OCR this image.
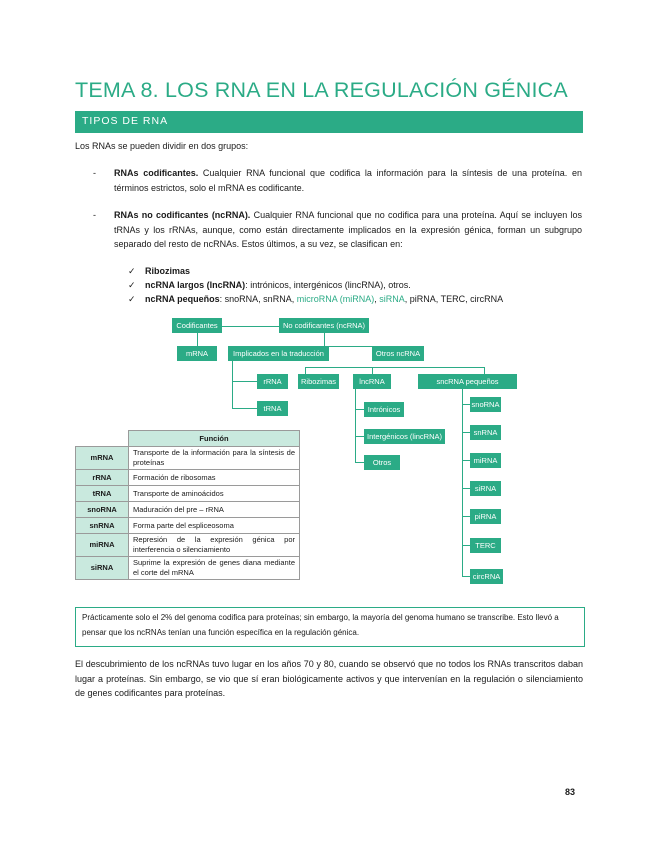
TEMA 8. LOS RNA EN LA REGULACIÓN GÉNICA
TIPOS DE RNA
Los RNAs se pueden dividir en dos grupos:
- RNAs codificantes. Cualquier RNA funcional que codifica la información para la síntesis de una proteína. en términos estrictos, solo el mRNA es codificante.
- RNAs no codificantes (ncRNA). Cualquier RNA funcional que no codifica para una proteína. Aquí se incluyen los tRNAs y los rRNAs, aunque, como están directamente implicados en la expresión génica, forman un subgrupo separado del resto de ncRNAs. Estos últimos, a su vez, se clasifican en:
✓ Ribozimas
✓ ncRNA largos (lncRNA): intrónicos, intergénicos (lincRNA), otros.
✓ ncRNA pequeños: snoRNA, snRNA, microRNA (miRNA), siRNA, piRNA, TERC, circRNA
Codificantes	No codificantes (ncRNA)
mRNA	Implicados en la traducción	Otros ncRNA
rRNA
tRNA
Ribozimas	lncRNA
Intrónicos
Intergénicos (lincRNA)
Otros
sncRNA pequeños
snoRNA
snRNA
miRNA
siRNA
piRNA
TERC
circRNA
	Función
mRNA	Transporte de la información para la síntesis de proteínas
rRNA	Formación de ribosomas
tRNA	Transporte de aminoácidos
snoRNA	Maduración del pre – rRNA
snRNA	Forma parte del espliceosoma
miRNA	Represión de la expresión génica por interferencia o silenciamiento
siRNA	Suprime la expresión de genes diana mediante el corte del mRNA
Prácticamente solo el 2% del genoma codifica para proteínas; sin embargo, la mayoría del genoma humano se transcribe. Esto llevó a pensar que los ncRNAs tenían una función específica en la regulación génica.
El descubrimiento de los ncRNAs tuvo lugar en los años 70 y 80, cuando se observó que no todos los RNAs transcritos daban lugar a proteínas. Sin embargo, se vio que sí eran biológicamente activos y que intervenían en la regulación o silenciamiento de genes codificantes para proteínas.
83
